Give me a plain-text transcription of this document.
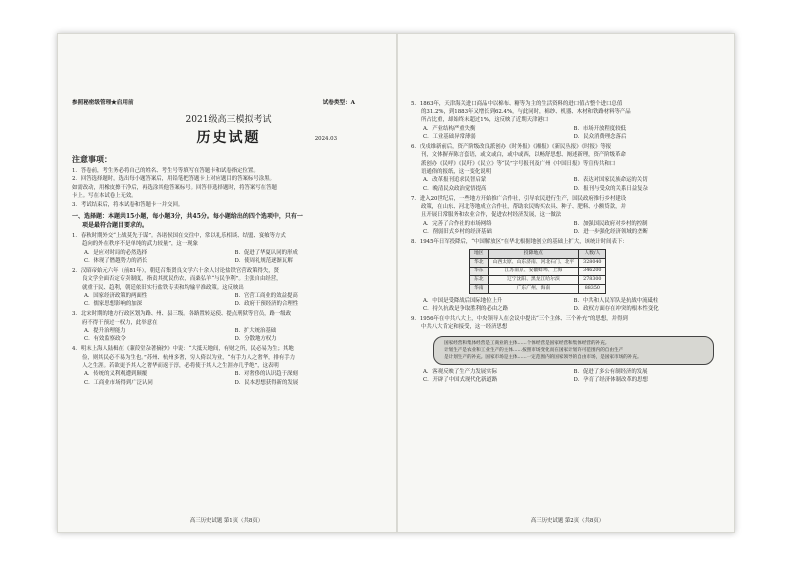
参照秘密级管理★启用前	试卷类型：A
2021级高三模拟考试
历史试题	2024.03
注意事项：
1．答卷前，考生务必将自己的姓名、考生号等填写在答题卡和试卷指定位置。
2．回答选择题时，选出每小题答案后，用铅笔把答题卡上对应题目的答案标号涂黑。
如需改动，用橡皮擦干净后，再选涂其他答案标号。回答非选择题时，将答案写在答题
卡上。写在本试卷上无效。
3．考试结束后，将本试卷和答题卡一并交回。
一、选择题：本题共15小题，每小题3分，共45分。每小题给出的四个选项中，只有一
项是最符合题目要求的。
1．春秋时期外交“上战莫先于谋”。各诸侯国在交往中，常以礼乐相谈、结盟、宴飨等方式
趋向的外在秩序不是单纯的武力较量”，这一现象
A．是应对时局的必然选择	B．促进了华夏认同的形成
C．体现了僭越势力的消长	D．使周礼规范逐渐瓦解
2．汉昭帝始元六年（前81年），朝廷召集贤良文学六十余人讨论盐铁官营政策得失，贤
良文学全面否定专卖制度，指责其扰民伤农，而桑弘羊“与民争利”。主张自由经营，
就重于民、趋利，朝廷依旧实行盐铁专卖和均输平准政策。这反映出
A．国家经济政策的两面性	B．官营工商业的效益提高
C．儒家思想影响的加深	D．政府干预经济的合理性
3．北宋时期的地方行政区划为路、州、县三级。各路置转运使、提点刑狱等官员，路一级政
府不得干预过一权力，此举意在
A．提升治理能力	B．扩大统治基础
C．有效监察政令	D．分散地方权力
4．明末上海人陆楫在《蒹葭堂杂著摘抄》中说：“大抵天地间，有财之所，民必易为生；其地
俭，则其民必不易为生也。”苏州、杭州多奢，穷人倚以为业，“有手力人之奢华，排有手力
人之生涯。若欲更予其人之奢华而返于淳，必将使于其人之生涯亦几乎绝”，这表明
A．传统的义利观遭到颠覆	B．对奢侈的认识趋于深刻
C．工商业市场得到广泛认同	D．民本思想获得新的发展
高三历史试题 第1页（共8页）
5．1863年，天津海关进口商品中以棉布、糖等为主的生活资料的进口值占整个进口总值
的31.2%，到1883年又增长到62.4%，与此同时，棉纱、机器、木材和铁路材料等产品
所占比重，却始终未超过1%，这反映了近期天津港口
A．产业结构严重失衡	B．市场开放程度较低
C．工业基础异常薄弱	D．民众消费理念落后
6．戊戌维新前后，资产阶级改良派创办《时务报》《湘报》《新民丛报》《时报》等报
刊，文体摒弃陈言套语，或文或白，或中或西，以畅舒思想、阐述新理，资产阶级革命
派创办《民呼》《民吁》《民立》等“民”字号报刊及广州《中国日报》等宣传共和口
语通俗的报纸，这一变化说明
A．改革报刊追求民智启蒙	B．表达对国家民族命运的关切
C．晚清民众政治觉悟提高	D．报刊与受众的关系日益复杂
7．进入20世纪后，一些地方开始推广合作社，引导农民进行生产，国民政府推行乡村建设
政策，在山东、河北等地成立合作社，帮助农民购买农具、种子、肥料、小额贷款，并
且开展日常服务和农业合作，促进农村经济发展，这一做法
A．完善了合作社的市场网络	B．加强国民政府对乡村的控制
C．削弱旧式乡村的经济基础	D．进一步强化经济领域的垄断
8．1945年日军投降后，“中国解放区”在华北根据地创立的基础上扩大，该统计时间表下：
地区	投降地点	人数/人
华北	山西太原、山东济南、河北石门、北平	328040
华东	江苏南京、安徽蚌埠、上海	346200
东北	辽宁沈阳、黑龙江哈尔滨	278300
华南	广东广州、海南	88350
A．中国是受降战后国际地位上升	B．中共和人民军队是抗战中流砥柱
C．持久抗战是争取胜利的必由之路	D．政权方面存在冲突的根本性变化
9．1956年在中共八大上，中央领导人在会议中提出“三个主体、三个补充”的思想，并得到
中共八大肯定和接受，这一经济思想
国家经营和集体经营是工商业的主体……个体经营是国家经营和集体经营的补充。
计划生产是农业和工业生产的主体……按照市场变化而在国家计划许可范围内的自由生产
是计划生产的补充。国家市场是主体……一定范围内的国家领导的自由市场，是国家市场的补充。
A．客观反映了生产力发展实际	B．促进了多公有制经济的发展
C．开辟了中国式现代化新道路	D．孕育了经济体制改革的思想
高三历史试题 第2页（共8页）
